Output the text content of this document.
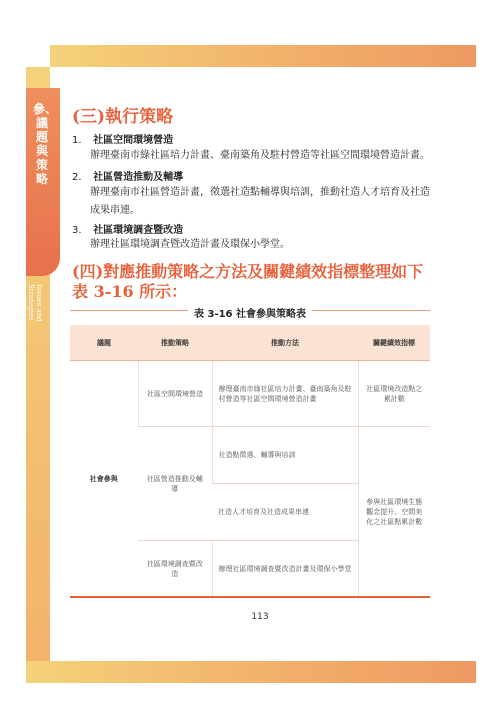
參、議題與策略
Issues and
Strategies
(三)執行策略
1. 社區空間環境營造
辦理臺南市綠社區培力計畫、臺南築角及駐村營造等社區空間環境營造計畫。
2. 社區營造推動及輔導
辦理臺南市社區營造計畫，徵選社造點輔導與培訓，推動社造人才培育及社造成果串連。
3. 社區環境調查暨改造
辦理社區環境調查暨改造計畫及環保小學堂。
(四)對應推動策略之方法及關鍵績效指標整理如下表 3-16 所示：
表 3-16 社會參與策略表
議題	推動策略	推動方法	關鍵績效指標
社會參與	社區空間環境營造	辦理臺南市綠社區培力計畫、臺南築角及駐村營造等社區空間環境營造計畫	社區環境改造點之累計數
	社區營造推動及輔導	社造點徵選、輔導與培訓	參與社區環境生態觀念提升、空間美化之社區點累計數
		社造人才培育及社造成果串連	
	社區環境調查暨改造	辦理社區環境調查暨改造計畫及環保小學堂	
113
